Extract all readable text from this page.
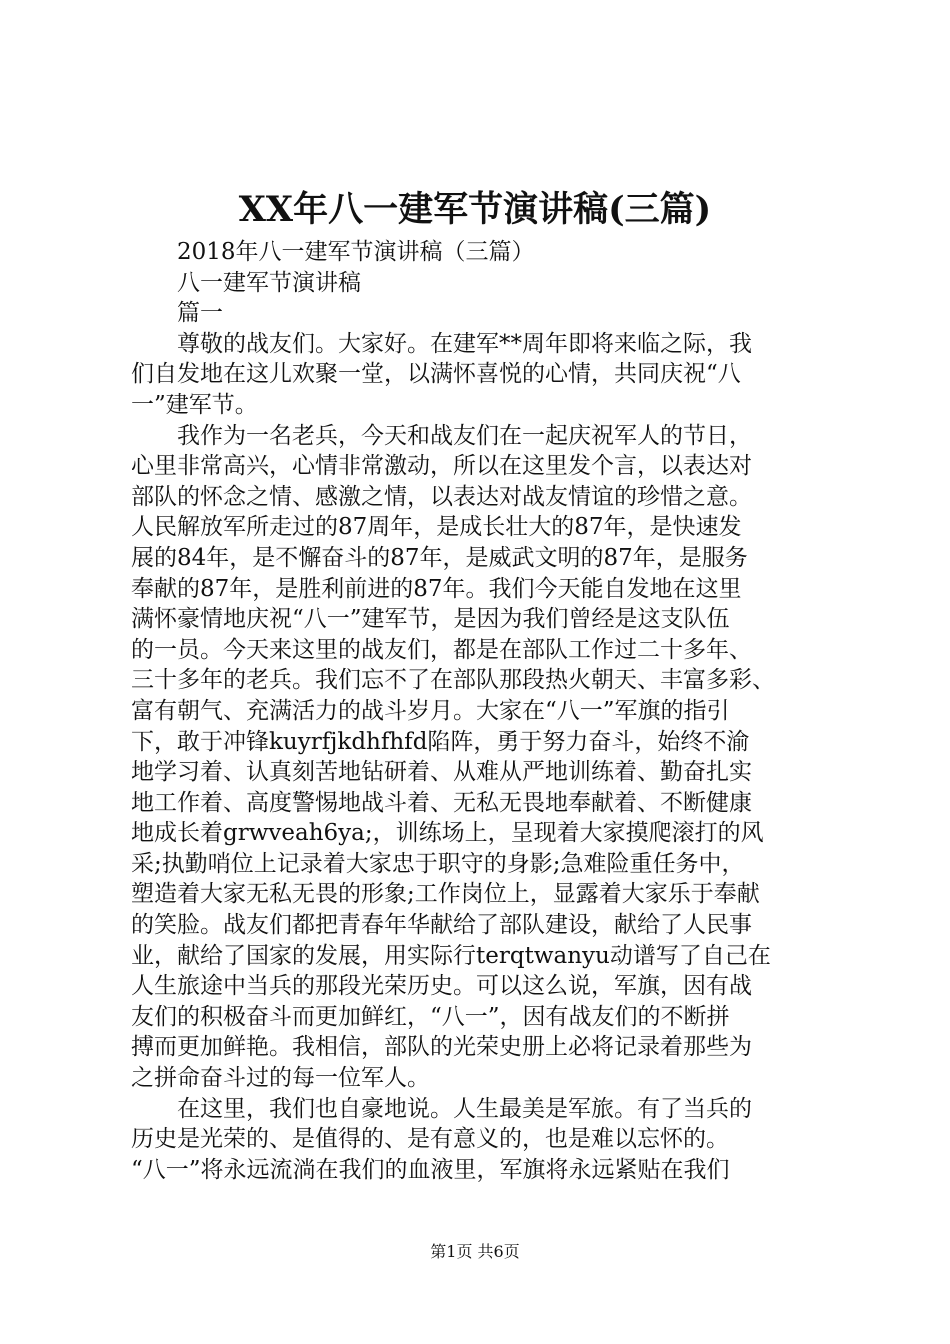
XX年八一建军节演讲稿(三篇)
2018年八一建军节演讲稿（三篇）
八一建军节演讲稿
篇一
尊敬的战友们。大家好。在建军**周年即将来临之际，我
们自发地在这儿欢聚一堂，以满怀喜悦的心情，共同庆祝“八
一”建军节。
我作为一名老兵，今天和战友们在一起庆祝军人的节日，
心里非常高兴，心情非常激动，所以在这里发个言，以表达对
部队的怀念之情、感激之情，以表达对战友情谊的珍惜之意。
人民解放军所走过的87周年，是成长壮大的87年，是快速发
展的84年，是不懈奋斗的87年，是威武文明的87年，是服务
奉献的87年，是胜利前进的87年。我们今天能自发地在这里
满怀豪情地庆祝“八一”建军节，是因为我们曾经是这支队伍
的一员。今天来这里的战友们，都是在部队工作过二十多年、
三十多年的老兵。我们忘不了在部队那段热火朝天、丰富多彩、
富有朝气、充满活力的战斗岁月。大家在“八一”军旗的指引
下，敢于冲锋kuyrfjkdhfhfd陷阵，勇于努力奋斗，始终不渝
地学习着、认真刻苦地钻研着、从难从严地训练着、勤奋扎实
地工作着、高度警惕地战斗着、无私无畏地奉献着、不断健康
地成长着grwveah6ya;，训练场上，呈现着大家摸爬滚打的风
采;执勤哨位上记录着大家忠于职守的身影;急难险重任务中，
塑造着大家无私无畏的形象;工作岗位上，显露着大家乐于奉献
的笑脸。战友们都把青春年华献给了部队建设，献给了人民事
业，献给了国家的发展，用实际行terqtwanyu动谱写了自己在
人生旅途中当兵的那段光荣历史。可以这么说，军旗，因有战
友们的积极奋斗而更加鲜红，“八一”，因有战友们的不断拼
搏而更加鲜艳。我相信，部队的光荣史册上必将记录着那些为
之拼命奋斗过的每一位军人。
在这里，我们也自豪地说。人生最美是军旅。有了当兵的
历史是光荣的、是值得的、是有意义的，也是难以忘怀的。
“八一”将永远流淌在我们的血液里，军旗将永远紧贴在我们
第1页 共6页
